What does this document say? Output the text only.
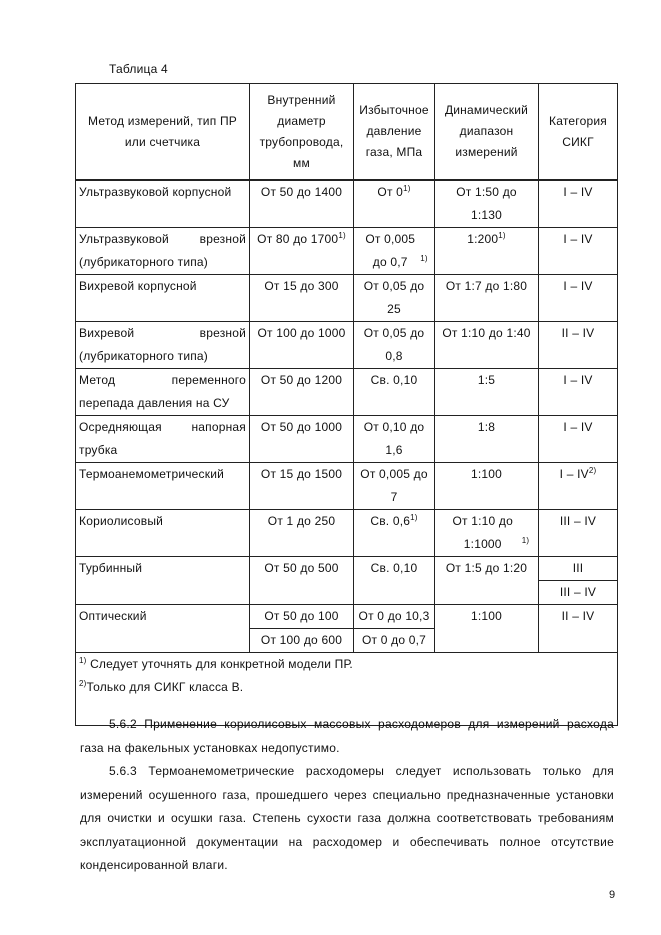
Таблица 4
Метод измерений, тип ПР или счетчика	Внутренний диаметр трубопровода, мм	Избыточное давление газа, МПа	Динамический диапазон измерений	Категория СИКГ
Ультразвуковой корпусной	От 50 до 1400	От 0$^{1)}$	От 1:50 до 1:130	I – IV
Ультразвуковой врезной (лубрикаторного типа)	От 80 до 1700$^{1)}$	От 0,005 до 0,7 $^{1)}$	1:200$^{1)}$	I – IV
Вихревой корпусной	От 15 до 300	От 0,05 до 25	От 1:7 до 1:80	I – IV
Вихревой врезной (лубрикаторного типа)	От 100 до 1000	От 0,05 до 0,8	От 1:10 до 1:40	II – IV
Метод переменного перепада давления на СУ	От 50 до 1200	Св. 0,10	1:5	I – IV
Осредняющая напорная трубка	От 50 до 1000	От 0,10 до 1,6	1:8	I – IV
Термоанемометрический	От 15 до 1500	От 0,005 до 7	1:100	I – IV$^{2)}$
Кориолисовый	От 1 до 250	Св. 0,6$^{1)}$	От 1:10 до 1:1000 $^{1)}$	III – IV
Турбинный	От 50 до 500	Св. 0,10	От 1:5 до 1:20	III
				III – IV
Оптический	От 50 до 100	От 0 до 10,3	1:100	II – IV
	От 100 до 600	От 0 до 0,7		

$^{1)}$ Следует уточнять для конкретной модели ПР.
$^{2)}$Только для СИКГ класса В.				
5.6.2 Применение кориолисовых массовых расходомеров для измерений расхода газа на факельных установках недопустимо.
5.6.3 Термоанемометрические расходомеры следует использовать только для измерений осушенного газа, прошедшего через специально предназначенные установки для очистки и осушки газа. Степень сухости газа должна соответствовать требованиям эксплуатационной документации на расходомер и обеспечивать полное отсутствие конденсированной влаги.
9
